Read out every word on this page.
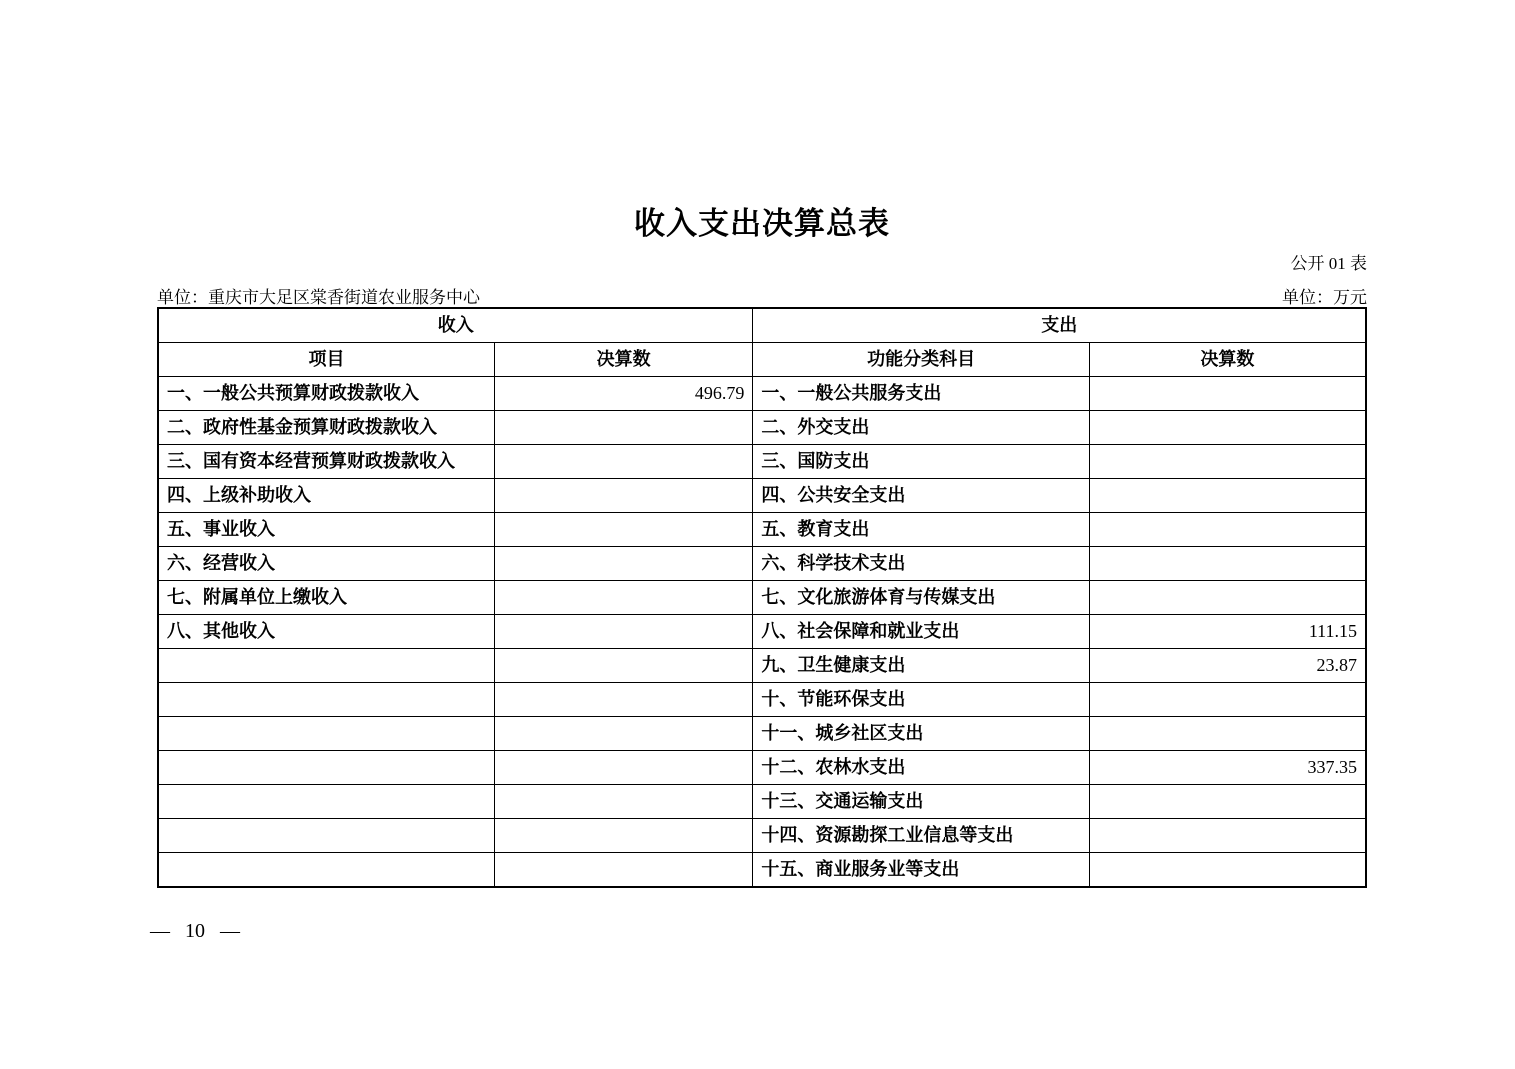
收入支出决算总表
公开 01 表
单位：重庆市大足区棠香街道农业服务中心	单位：万元
收入		支出	
项目	决算数	功能分类科目	决算数
一、一般公共预算财政拨款收入	496.79	一、一般公共服务支出	
二、政府性基金预算财政拨款收入		二、外交支出	
三、国有资本经营预算财政拨款收入		三、国防支出	
四、上级补助收入		四、公共安全支出	
五、事业收入		五、教育支出	
六、经营收入		六、科学技术支出	
七、附属单位上缴收入		七、文化旅游体育与传媒支出	
八、其他收入		八、社会保障和就业支出	111.15
		九、卫生健康支出	23.87
		十、节能环保支出	
		十一、城乡社区支出	
		十二、农林水支出	337.35
		十三、交通运输支出	
		十四、资源勘探工业信息等支出	
		十五、商业服务业等支出	
— 10 —
